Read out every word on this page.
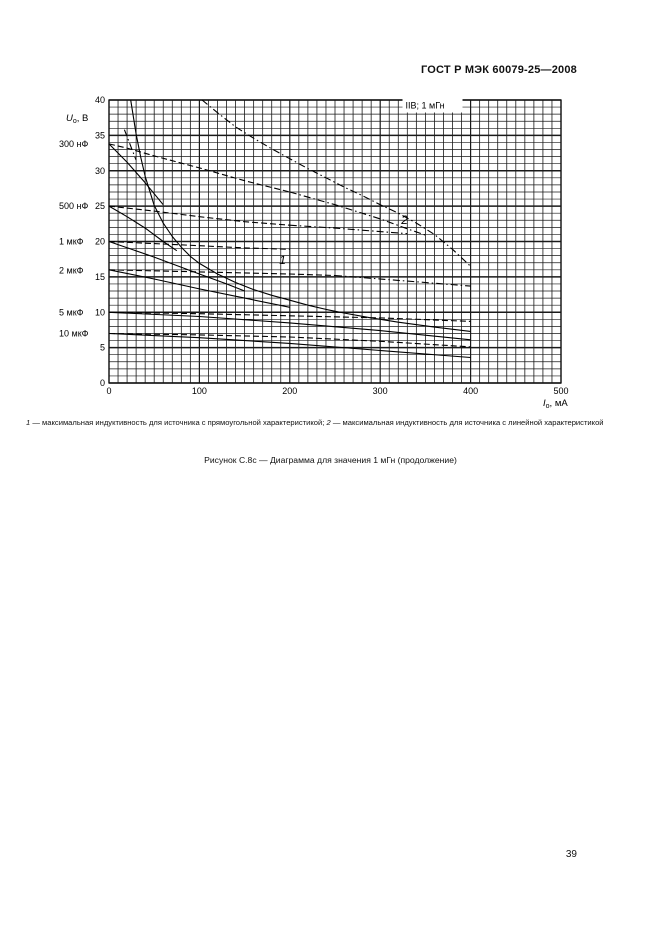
ГОСТ Р МЭК 60079-25—2008
0	100	200	300	400	500
0
5
10
15
20
25
30
35
40
$U_o$, В
$I_o$, мА
300 нФ
500 нФ
1 мкФ
2 мкФ
5 мкФ
10 мкФ
1
2
IIB; 1 мГн
1 — максимальная индуктивность для источника с прямоугольной характеристикой; 2 — максимальная индуктивность для источника с линейной характеристикой
Рисунок С.8с — Диаграмма для значения 1 мГн (продолжение)
39
